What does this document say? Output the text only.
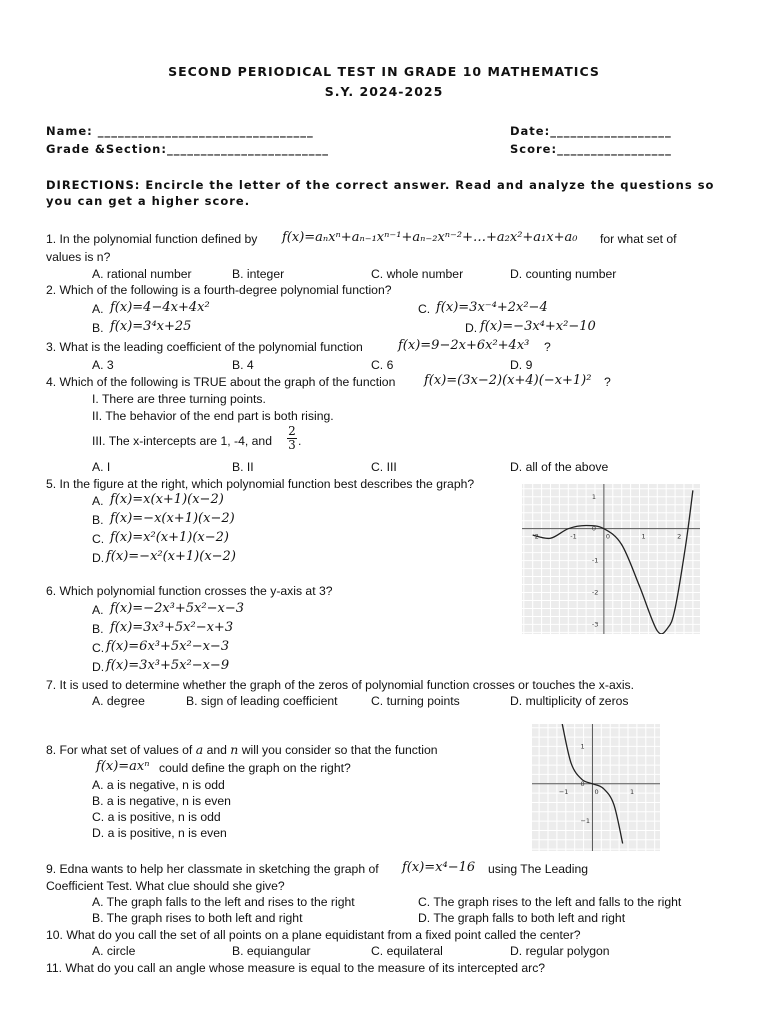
SECOND PERIODICAL TEST IN GRADE 10 MATHEMATICS
S.Y. 2024-2025
Name: ________________________________	Date:__________________
Grade &Section:________________________	Score:_________________
DIRECTIONS: Encircle the letter of the correct answer. Read and analyze the questions so
you can get a higher score.
1. In the polynomial function defined by f(x)=aₙxⁿ+aₙ₋₁xⁿ⁻¹+aₙ₋₂xⁿ⁻²+…+a₂x²+a₁x+a₀ for what set of
values is n?
A. rational number	B. integer	C. whole number	D. counting number
2. Which of the following is a fourth-degree polynomial function?
A. f(x)=4−4x+4x²	C. f(x)=3x⁻⁴+2x²−4
B. f(x)=3⁴x+25	D. f(x)=−3x⁴+x²−10
3. What is the leading coefficient of the polynomial function	f(x)=9−2x+6x²+4x³ ?
A. 3	B. 4	C. 6	D. 9
4. Which of the following is TRUE about the graph of the function f(x)=(3x−2)(x+4)(−x+1)² ?
I. There are three turning points.
II. The behavior of the end part is both rising.
III. The x-intercepts are 1, -4, and
2
3 .
A. I	B. II	C. III	D. all of the above
5. In the figure at the right, which polynomial function best describes the graph?
A. f(x)=x(x+1)(x−2)
B. f(x)=−x(x+1)(x−2)
C. f(x)=x²(x+1)(x−2)
D. f(x)=−x²(x+1)(x−2)
2	-1	0	1	2
1
0
-1
-2
-3
6. Which polynomial function crosses the y-axis at 3?
A. f(x)=−2x³+5x²−x−3
B. f(x)=3x³+5x²−x+3
C. f(x)=6x³+5x²−x−3
D. f(x)=3x³+5x²−x−9
7. It is used to determine whether the graph of the zeros of polynomial function crosses or touches the x-axis.
A. degree	B. sign of leading coefficient	C. turning points	D. multiplicity of zeros
8. For what set of values of a and n will you consider so that the function
f(x)=axⁿ could define the graph on the right?
A. a is negative, n is odd
B. a is negative, n is even
C. a is positive, n is odd
D. a is positive, n is even
−1	0	1
1
0
−1
9. Edna wants to help her classmate in sketching the graph of f(x)=x⁴−16 using The Leading
Coefficient Test. What clue should she give?
A. The graph falls to the left and rises to the right	C. The graph rises to the left and falls to the right
B. The graph rises to both left and right	D. The graph falls to both left and right
10. What do you call the set of all points on a plane equidistant from a fixed point called the center?
A. circle	B. equiangular	C. equilateral	D. regular polygon
11. What do you call an angle whose measure is equal to the measure of its intercepted arc?
